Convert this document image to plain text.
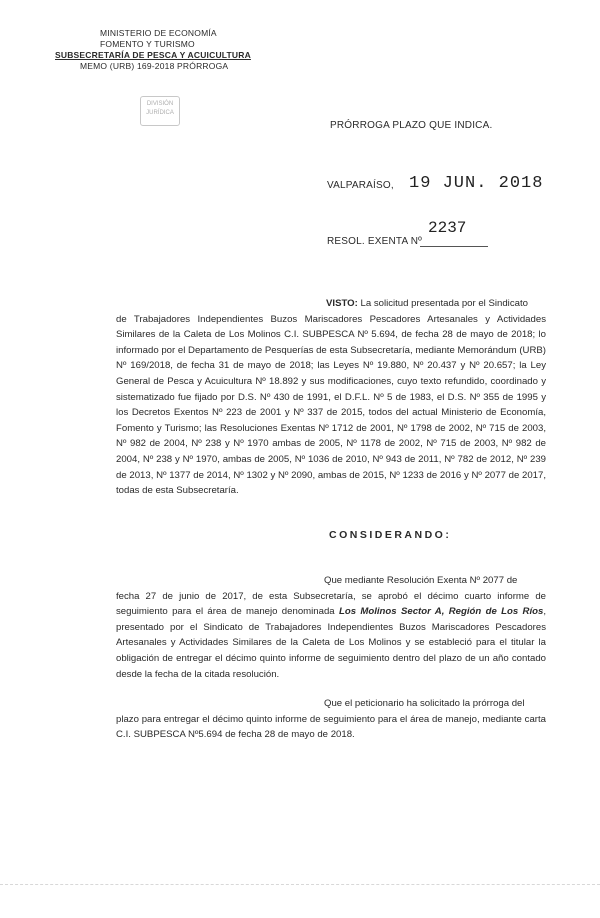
MINISTERIO DE ECONOMÍA
FOMENTO Y TURISMO
SUBSECRETARÍA DE PESCA Y ACUICULTURA
MEMO (URB) 169-2018 PRÓRROGA
DIVISIÓN
JURÍDICA
PRÓRROGA PLAZO QUE INDICA.
VALPARAÍSO, 19 JUN. 2018
RESOL. EXENTA Nº
2237
VISTO: La solicitud presentada por el Sindicato
de Trabajadores Independientes Buzos Mariscadores Pescadores Artesanales y Actividades Similares de la Caleta de Los Molinos C.I. SUBPESCA Nº 5.694, de fecha 28 de mayo de 2018; lo informado por el Departamento de Pesquerías de esta Subsecretaría, mediante Memorándum (URB) Nº 169/2018, de fecha 31 de mayo de 2018; las Leyes Nº 19.880, Nº 20.437 y Nº 20.657; la Ley General de Pesca y Acuicultura Nº 18.892 y sus modificaciones, cuyo texto refundido, coordinado y sistematizado fue fijado por D.S. Nº 430 de 1991, el D.F.L. Nº 5 de 1983, el D.S. Nº 355 de 1995 y los Decretos Exentos Nº 223 de 2001 y Nº 337 de 2015, todos del actual Ministerio de Economía, Fomento y Turismo; las Resoluciones Exentas Nº 1712 de 2001, Nº 1798 de 2002, Nº 715 de 2003, Nº 982 de 2004, Nº 238 y Nº 1970 ambas de 2005, Nº 1178 de 2002, Nº 715 de 2003, Nº 982 de 2004, Nº 238 y Nº 1970, ambas de 2005, Nº 1036 de 2010, Nº 943 de 2011, Nº 782 de 2012, Nº 239 de 2013, Nº 1377 de 2014, Nº 1302 y Nº 2090, ambas de 2015, Nº 1233 de 2016 y Nº 2077 de 2017, todas de esta Subsecretaría.
CONSIDERANDO:
Que mediante Resolución Exenta Nº 2077 de
fecha 27 de junio de 2017, de esta Subsecretaría, se aprobó el décimo cuarto informe de seguimiento para el área de manejo denominada Los Molinos Sector A, Región de Los Ríos, presentado por el Sindicato de Trabajadores Independientes Buzos Mariscadores Pescadores Artesanales y Actividades Similares de la Caleta de Los Molinos y se estableció para el titular la obligación de entregar el décimo quinto informe de seguimiento dentro del plazo de un año contado desde la fecha de la citada resolución.
Que el peticionario ha solicitado la prórroga del
plazo para entregar el décimo quinto informe de seguimiento para el área de manejo, mediante carta C.I. SUBPESCA Nº5.694 de fecha 28 de mayo de 2018.
